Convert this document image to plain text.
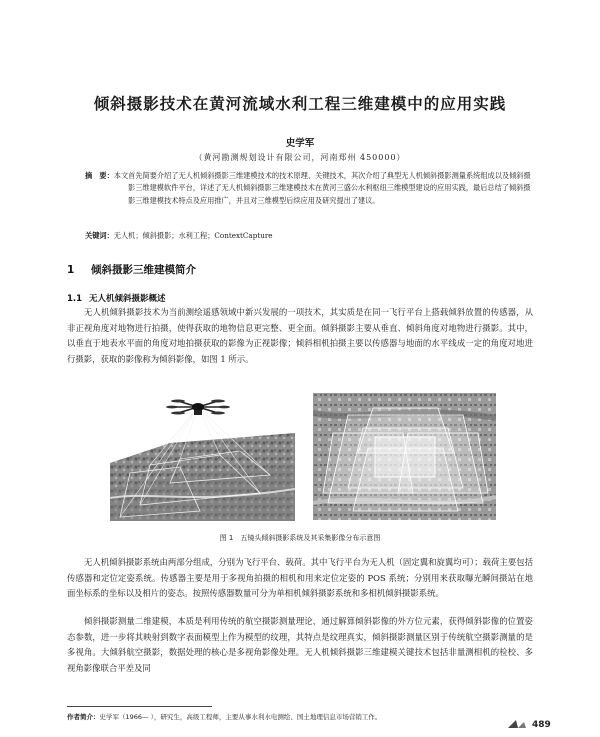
倾斜摄影技术在黄河流域水利工程三维建模中的应用实践
史学军
（黄河勘测规划设计有限公司，河南郑州 450000）
摘　要：本文首先简要介绍了无人机倾斜摄影三维建模技术的技术原理、关键技术，其次介绍了典型无人机倾斜摄影测量系统组成以及倾斜摄影三维建模软件平台，详述了无人机倾斜摄影三维建模技术在黄河三盛公水利枢纽三维模型建设的应用实践，最后总结了倾斜摄影三维建模技术特点及应用推广，并且对三维模型后续应用及研究提出了建议。
关键词：无人机；倾斜摄影；水利工程；ContextCapture
1 倾斜摄影三维建模简介
1.1 无人机倾斜摄影概述
无人机倾斜摄影技术为当前测绘遥感领域中新兴发展的一项技术，其实质是在同一飞行平台上搭载倾斜放置的传感器，从非正视角度对地物进行拍摄，使得获取的地物信息更完整、更全面。倾斜摄影主要从垂直、倾斜角度对地物进行摄影。其中，以垂直于地表水平面的角度对地拍摄获取的影像为正视影像；倾斜相机拍摄主要以传感器与地面的水平线成一定的角度对地进行摄影，获取的影像称为倾斜影像，如图 1 所示。
图 1　五镜头倾斜摄影系统及其采集影像分布示意图
无人机倾斜摄影系统由两部分组成，分别为飞行平台、载荷。其中飞行平台为无人机（固定翼和旋翼均可）；载荷主要包括传感器和定位定姿系统。传感器主要是用于多视角拍摄的相机和用来定位定姿的 POS 系统；分别用来获取曝光瞬间摄站在地面坐标系的坐标以及相片的姿态。按照传感器数量可分为单相机倾斜摄影系统和多相机倾斜摄影系统。
倾斜摄影测量二维建模，本质是利用传统的航空摄影测量理论，通过解算倾斜影像的外方位元素，获得倾斜影像的位置姿态参数，进一步将其映射到数字表面模型上作为模型的纹理，其特点是纹理真实，倾斜摄影测量区别于传统航空摄影测量的是多视角。大倾斜航空摄影，数据处理的核心是多视角影像处理。无人机倾斜摄影三维建模关键技术包括非量测相机的检校、多视角影像联合平差及同
作者简介：史学军（1966— ），研究生，高级工程师，主要从事水利水电测绘、国土地理信息市场营销工作。
489
